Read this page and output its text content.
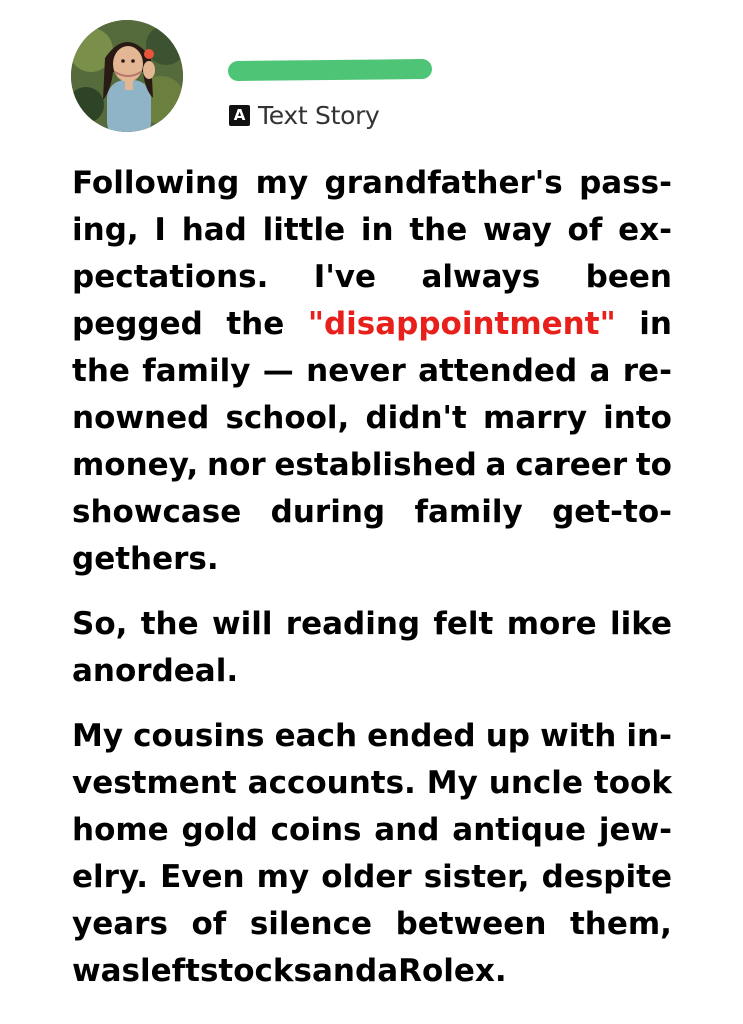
A Text Story
Following my grandfather's pass-
ing, I had little in the way of ex-
pectations. I've always been
pegged the "disappointment" in
the family — never attended a re-
nowned school, didn't marry into
money, nor established a career to
showcase during family get-to-
gethers.
So, the will reading felt more like
an ordeal.
My cousins each ended up with in-
vestment accounts. My uncle took
home gold coins and antique jew-
elry. Even my older sister, despite
years of silence between them,
was left stocks and a Rolex.
